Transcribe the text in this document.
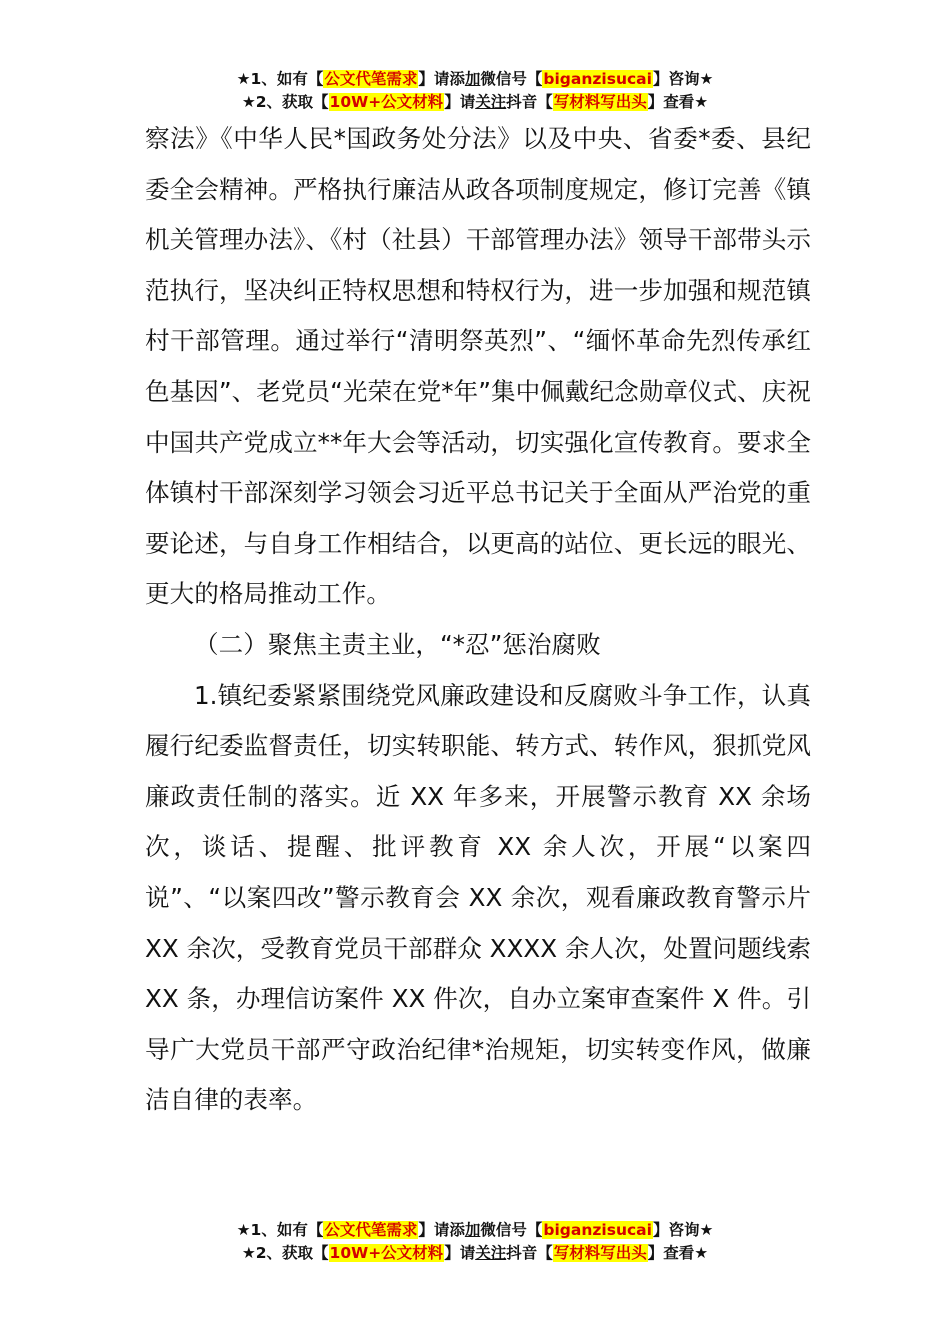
★1、如有【公文代笔需求】请添加微信号【biganzisucai】咨询★
★2、获取【10W+公文材料】请关注抖音【写材料写出头】查看★

察法》《中华人民*国政务处分法》以及中央、省委*委、县纪委全会精神。严格执行廉洁从政各项制度规定，修订完善《镇机关管理办法》、《村（社县）干部管理办法》领导干部带头示范执行，坚决纠正特权思想和特权行为，进一步加强和规范镇村干部管理。通过举行“清明祭英烈”、“缅怀革命先烈传承红色基因”、老党员“光荣在党*年”集中佩戴纪念勋章仪式、庆祝中国共产党成立**年大会等活动，切实强化宣传教育。要求全体镇村干部深刻学习领会习近平总书记关于全面从严治党的重要论述，与自身工作相结合，以更高的站位、更长远的眼光、更大的格局推动工作。

（二）聚焦主责主业，“*忍”惩治腐败

1.镇纪委紧紧围绕党风廉政建设和反腐败斗争工作，认真履行纪委监督责任，切实转职能、转方式、转作风，狠抓党风廉政责任制的落实。近 XX 年多来，开展警示教育 XX 余场次，谈话、提醒、批评教育 XX 余人次，开展“以案四说”、“以案四改”警示教育会 XX 余次，观看廉政教育警示片 XX 余次，受教育党员干部群众 XXXX 余人次，处置问题线索 XX 条，办理信访案件 XX 件次，自办立案审查案件 X 件。引导广大党员干部严守政治纪律*治规矩，切实转变作风，做廉洁自律的表率。

★1、如有【公文代笔需求】请添加微信号【biganzisucai】咨询★
★2、获取【10W+公文材料】请关注抖音【写材料写出头】查看★
